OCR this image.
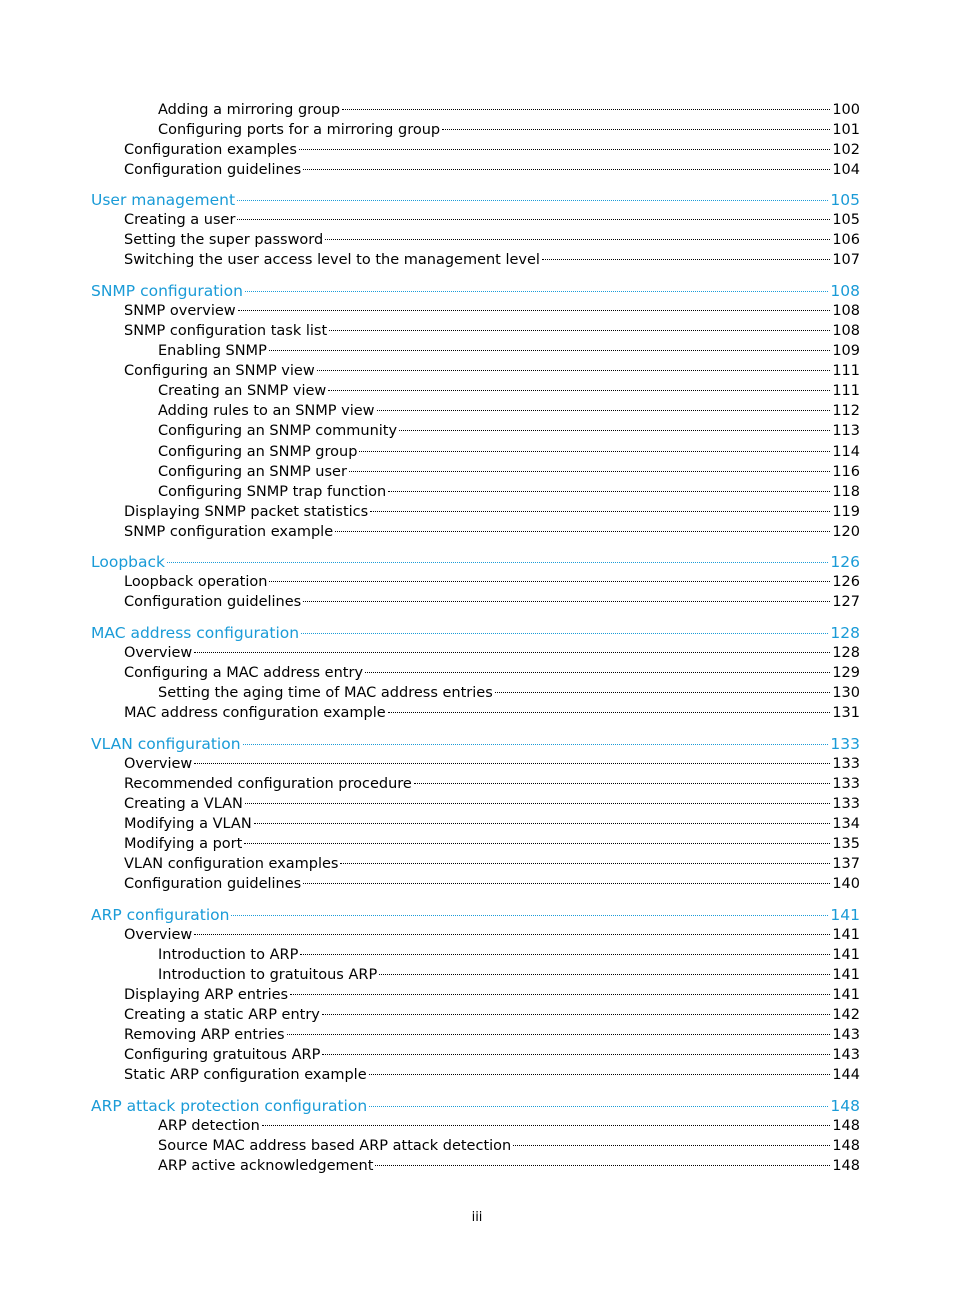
Adding a mirroring group	100
Configuring ports for a mirroring group	101
Configuration examples	102
Configuration guidelines	104
User management	105
Creating a user	105
Setting the super password	106
Switching the user access level to the management level	107
SNMP configuration	108
SNMP overview	108
SNMP configuration task list	108
Enabling SNMP	109
Configuring an SNMP view	111
Creating an SNMP view	111
Adding rules to an SNMP view	112
Configuring an SNMP community	113
Configuring an SNMP group	114
Configuring an SNMP user	116
Configuring SNMP trap function	118
Displaying SNMP packet statistics	119
SNMP configuration example	120
Loopback	126
Loopback operation	126
Configuration guidelines	127
MAC address configuration	128
Overview	128
Configuring a MAC address entry	129
Setting the aging time of MAC address entries	130
MAC address configuration example	131
VLAN configuration	133
Overview	133
Recommended configuration procedure	133
Creating a VLAN	133
Modifying a VLAN	134
Modifying a port	135
VLAN configuration examples	137
Configuration guidelines	140
ARP configuration	141
Overview	141
Introduction to ARP	141
Introduction to gratuitous ARP	141
Displaying ARP entries	141
Creating a static ARP entry	142
Removing ARP entries	143
Configuring gratuitous ARP	143
Static ARP configuration example	144
ARP attack protection configuration	148
ARP detection	148
Source MAC address based ARP attack detection	148
ARP active acknowledgement	148
iii
